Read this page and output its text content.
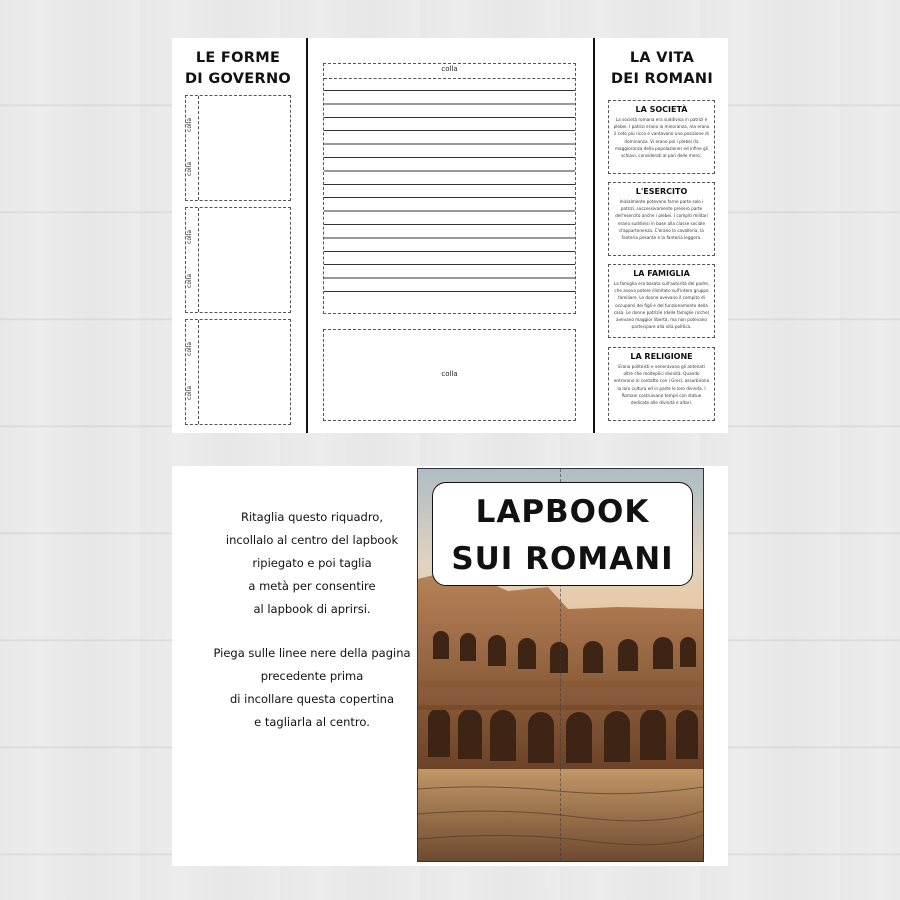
LE FORME
DI GOVERNO
colla
colla
colla
colla
colla
colla
colla
colla
LA VITA
DEI ROMANI
LA SOCIETÀ

La società romana era suddivisa in patrizi e plebei. I patrizi erano la minoranza, ma erano il ceto più ricco e vantavano una posizione di dominanza. Vi erano poi i plebei (la maggioranza della popolazione) ed infine gli schiavi, considerati al pari delle merci.

L'ESERCITO

Inizialmente potevano farne parte solo i patrizi, successivamente presero parte dell'esercito anche i plebei. I compiti militari erano suddivisi in base alla classe sociale d'appartenenza. C'erano la cavalleria, la fanteria pesante e la fanteria leggera.

LA FAMIGLIA

La famiglia era basata sull'autorità del padre, che aveva potere illimitato sull'intero gruppo familiare. Le donne avevano il compito di occuparsi dei figli e del funzionamento della casa. Le donne patrizie (delle famiglie ricche) avevano maggior libertà, ma non potevano partecipare alla vita politica.

LA RELIGIONE

Erano politeisti e veneravano gli antenati oltre che molteplici divinità. Quando entrarono in contatto con i Greci, assorbirono la loro cultura ed in parte le loro divinità. I Romani costruivano templi con statue dedicate alle divinità e altari.

Ritaglia questo riquadro,

incollalo al centro del lapbook

ripiegato e poi taglia

a metà per consentire

al lapbook di aprirsi.

Piega sulle linee nere della pagina

precedente prima

di incollare questa copertina

e tagliarla al centro.

LAPBOOK
SUI ROMANI
